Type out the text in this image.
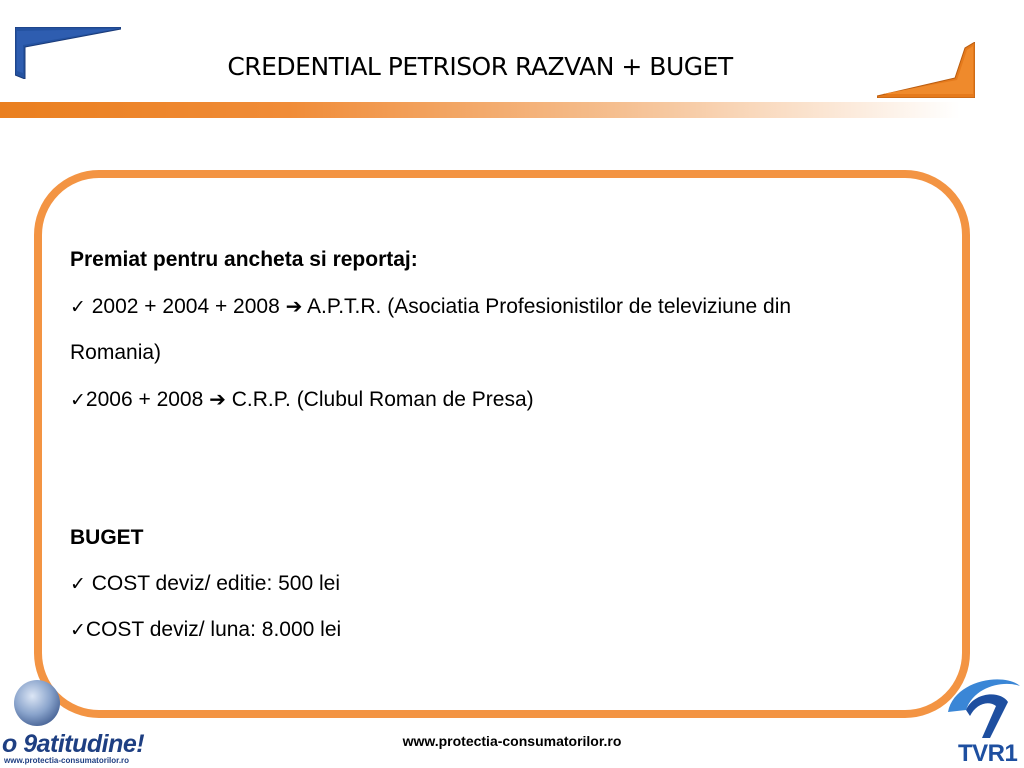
CREDENTIAL PETRISOR RAZVAN + BUGET
Premiat pentru ancheta si reportaj:
✓ 2002 + 2004 + 2008 ➔ A.P.T.R. (Asociatia Profesionistilor de televiziune din
Romania)
✓2006 + 2008 ➔ C.R.P. (Clubul Roman de Presa)
BUGET
✓ COST deviz/ editie: 500 lei
✓COST deviz/ luna: 8.000 lei
o 9atitudine!
www.protectia-consumatorilor.ro
www.protectia-consumatorilor.ro	TVR1
